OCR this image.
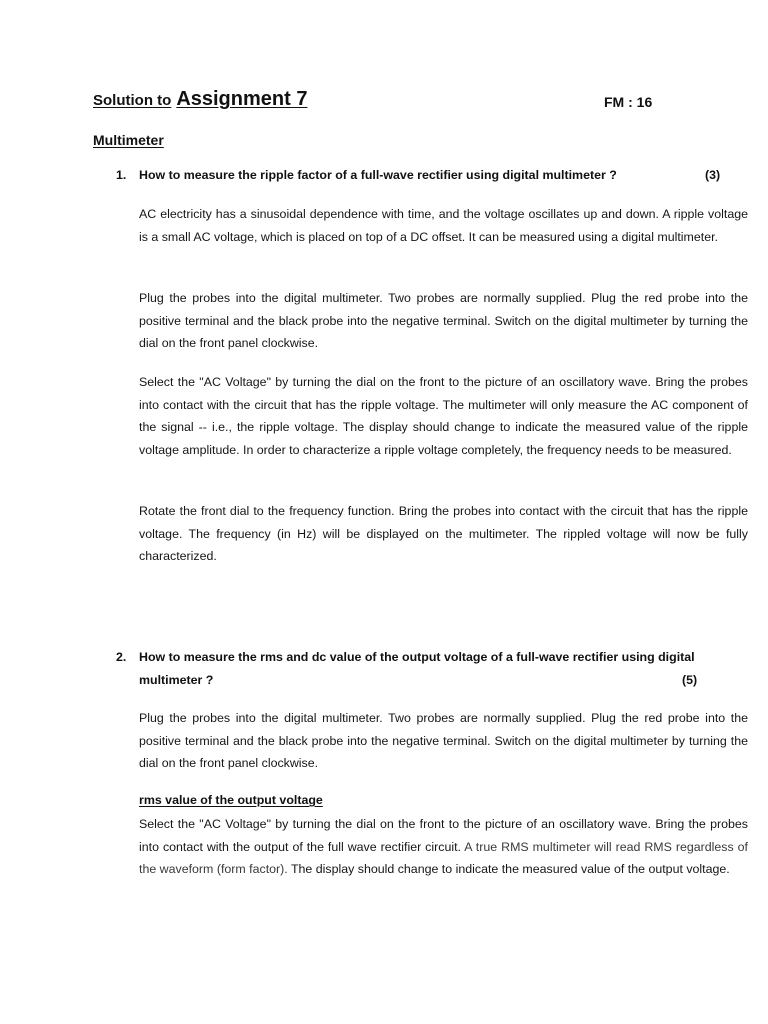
Solution to Assignment 7	FM : 16
Multimeter
1. How to measure the ripple factor of a full-wave rectifier using digital multimeter ?	(3)
AC electricity has a sinusoidal dependence with time, and the voltage oscillates up and down. A ripple voltage is a small AC voltage, which is placed on top of a DC offset. It can be measured using a digital multimeter.
Plug the probes into the digital multimeter. Two probes are normally supplied. Plug the red probe into the positive terminal and the black probe into the negative terminal. Switch on the digital multimeter by turning the dial on the front panel clockwise.
Select the "AC Voltage" by turning the dial on the front to the picture of an oscillatory wave. Bring the probes into contact with the circuit that has the ripple voltage. The multimeter will only measure the AC component of the signal -- i.e., the ripple voltage. The display should change to indicate the measured value of the ripple voltage amplitude. In order to characterize a ripple voltage completely, the frequency needs to be measured.
Rotate the front dial to the frequency function. Bring the probes into contact with the circuit that has the ripple voltage. The frequency (in Hz) will be displayed on the multimeter. The rippled voltage will now be fully characterized.
2. How to measure the rms and dc value of the output voltage of a full-wave rectifier using digital multimeter ?	(5)
Plug the probes into the digital multimeter. Two probes are normally supplied. Plug the red probe into the positive terminal and the black probe into the negative terminal. Switch on the digital multimeter by turning the dial on the front panel clockwise.
rms value of the output voltage
Select the "AC Voltage" by turning the dial on the front to the picture of an oscillatory wave. Bring the probes into contact with the output of the full wave rectifier circuit. A true RMS multimeter will read RMS regardless of the waveform (form factor). The display should change to indicate the measured value of the output voltage.
